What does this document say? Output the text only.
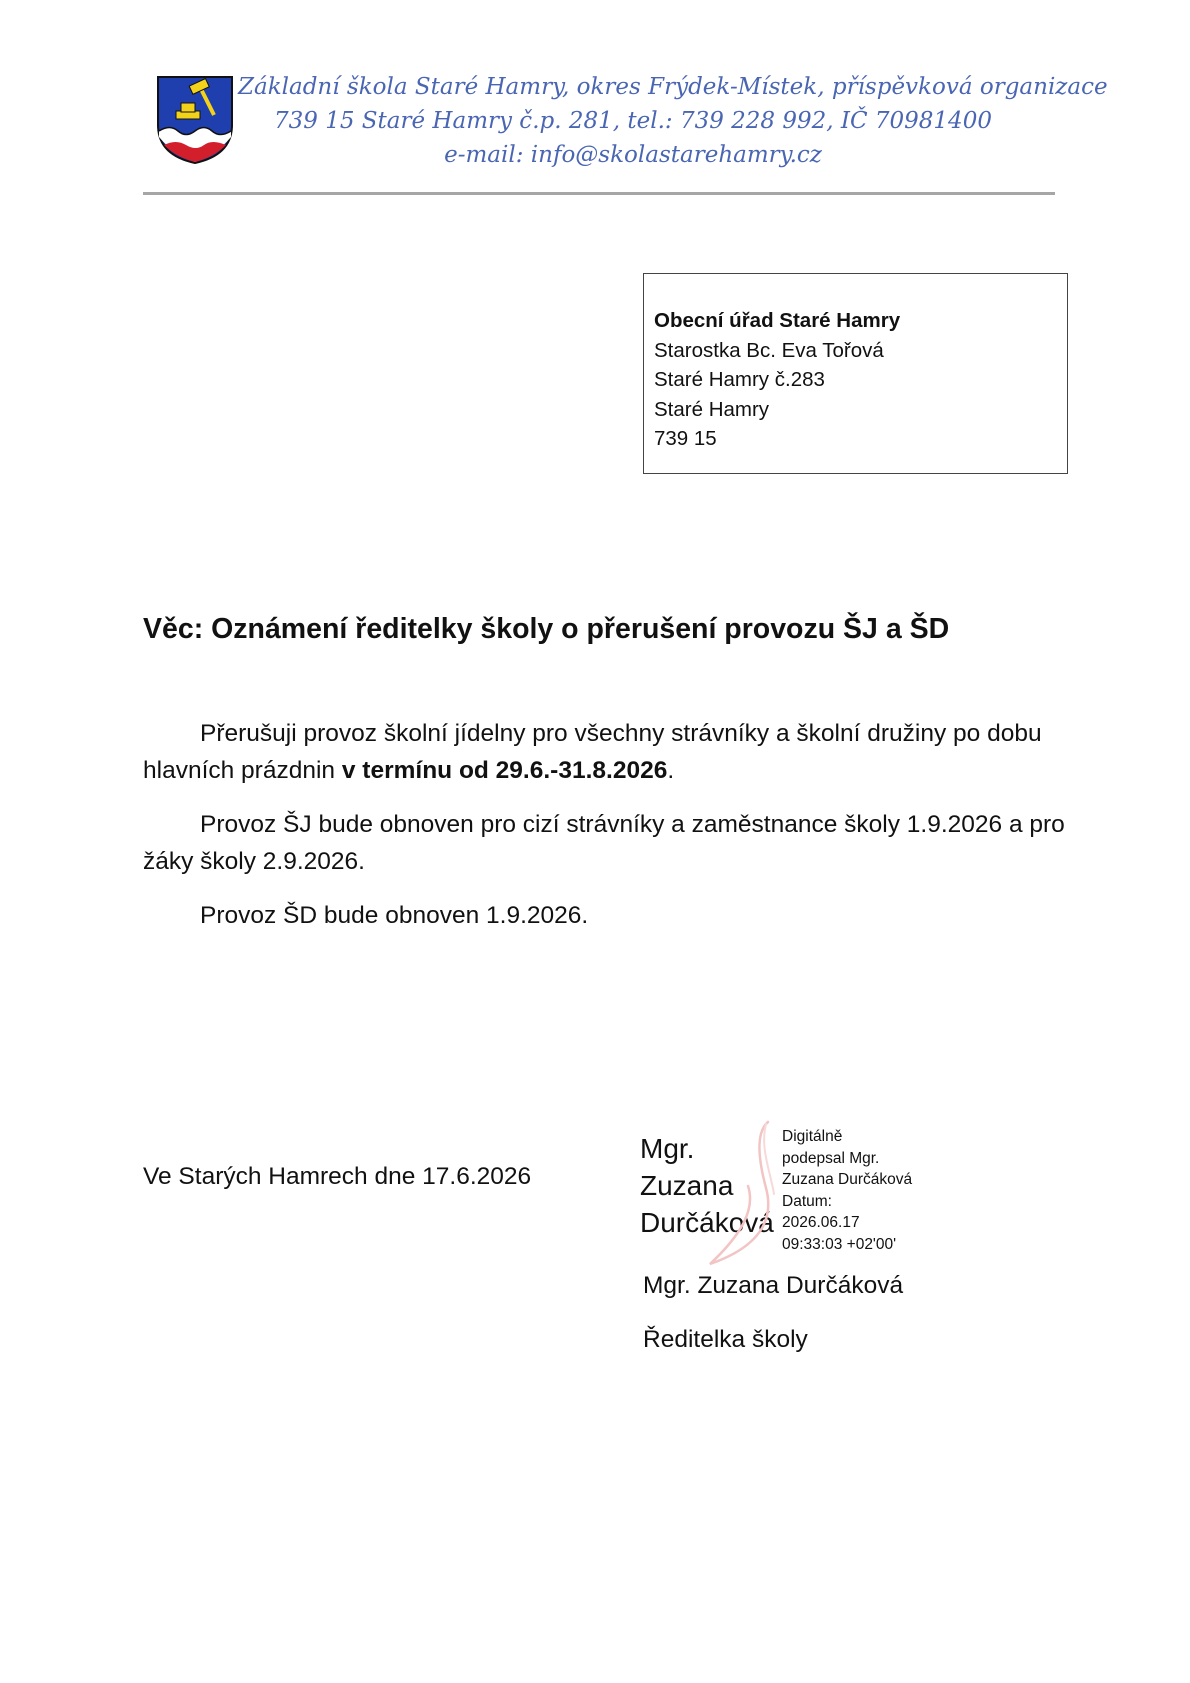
Základní škola Staré Hamry, okres Frýdek-Místek, příspěvková organizace
739 15 Staré Hamry č.p. 281, tel.: 739 228 992, IČ 70981400
e-mail: info@skolastarehamry.cz
Obecní úřad Staré Hamry
Starostka Bc. Eva Tořová
Staré Hamry č.283
Staré Hamry
739 15
Věc: Oznámení ředitelky školy o přerušení provozu ŠJ a ŠD

Přerušuji provoz školní jídelny pro všechny strávníky a školní družiny po dobu hlavních prázdnin v termínu od 29.6.-31.8.2026.

Provoz ŠJ bude obnoven pro cizí strávníky a zaměstnance školy 1.9.2026 a pro žáky školy 2.9.2026.

Provoz ŠD bude obnoven 1.9.2026.

Ve Starých Hamrech dne 17.6.2026
Mgr.
Zuzana
Durčáková
Digitálně
podepsal Mgr.
Zuzana Durčáková
Datum:
2026.06.17
09:33:03 +02'00'
Mgr. Zuzana Durčáková
Ředitelka školy
